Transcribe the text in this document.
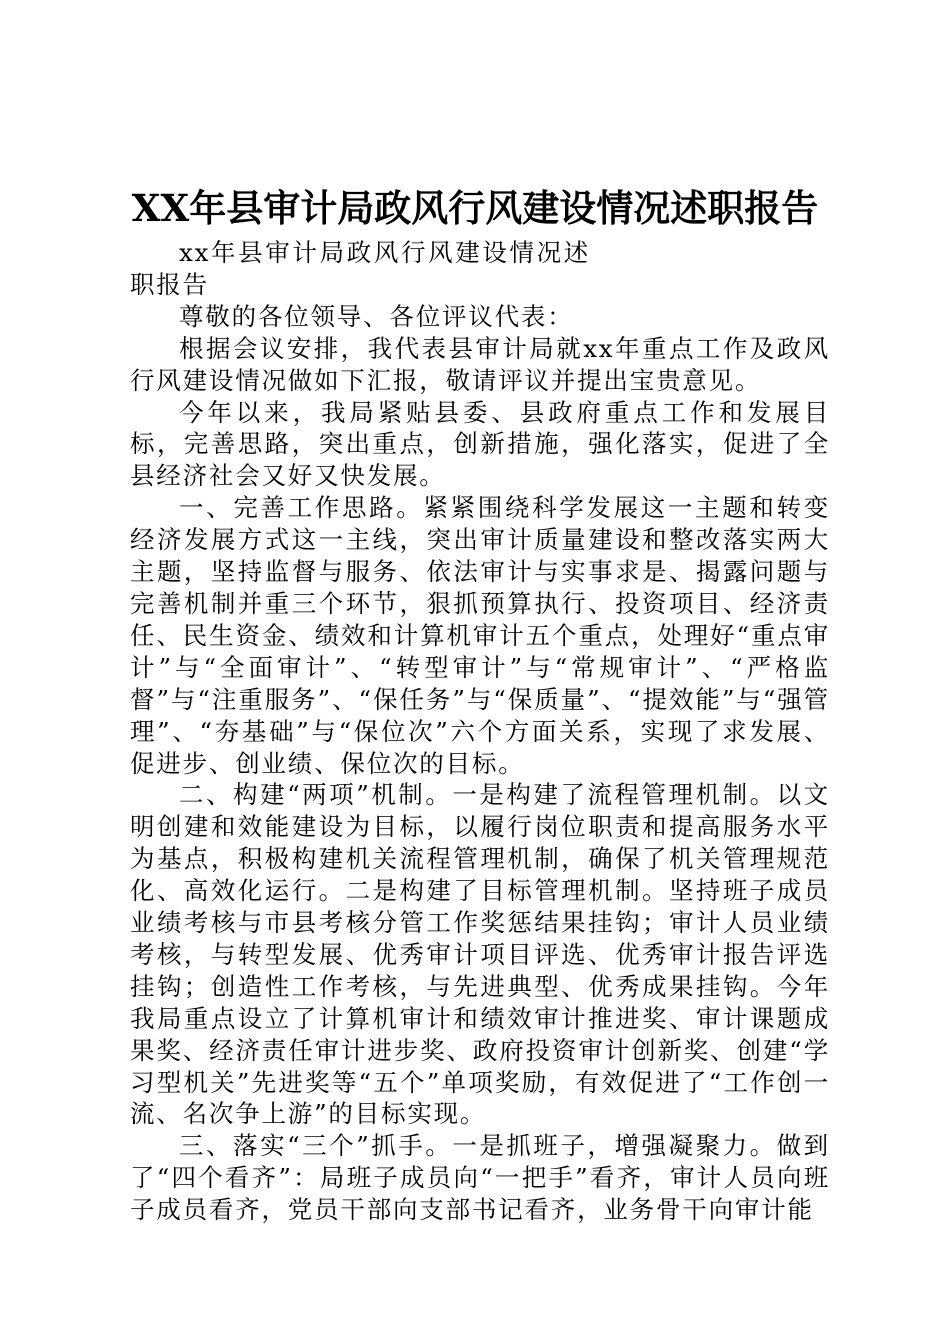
XX年县审计局政风行风建设情况述职报告

xx年县审计局政风行风建设情况述职报告

尊敬的各位领导、各位评议代表：

根据会议安排，我代表县审计局就xx年重点工作及政风行风建设情况做如下汇报，敬请评议并提出宝贵意见。

今年以来，我局紧贴县委、县政府重点工作和发展目标，完善思路，突出重点，创新措施，强化落实，促进了全县经济社会又好又快发展。

一、完善工作思路。紧紧围绕科学发展这一主题和转变经济发展方式这一主线，突出审计质量建设和整改落实两大主题，坚持监督与服务、依法审计与实事求是、揭露问题与完善机制并重三个环节，狠抓预算执行、投资项目、经济责任、民生资金、绩效和计算机审计五个重点，处理好“重点审计”与“全面审计”、“转型审计”与“常规审计”、“严格监督”与“注重服务”、“保任务”与“保质量”、“提效能”与“强管理”、“夯基础”与“保位次”六个方面关系，实现了求发展、促进步、创业绩、保位次的目标。

二、构建“两项”机制。一是构建了流程管理机制。以文明创建和效能建设为目标，以履行岗位职责和提高服务水平为基点，积极构建机关流程管理机制，确保了机关管理规范化、高效化运行。二是构建了目标管理机制。坚持班子成员业绩考核与市县考核分管工作奖惩结果挂钩；审计人员业绩考核，与转型发展、优秀审计项目评选、优秀审计报告评选挂钩；创造性工作考核，与先进典型、优秀成果挂钩。今年我局重点设立了计算机审计和绩效审计推进奖、审计课题成果奖、经济责任审计进步奖、政府投资审计创新奖、创建“学习型机关”先进奖等“五个”单项奖励，有效促进了“工作创一流、名次争上游”的目标实现。

三、落实“三个”抓手。一是抓班子，增强凝聚力。做到了“四个看齐”：局班子成员向“一把手”看齐，审计人员向班子成员看齐，党员干部向支部书记看齐，业务骨干向审计能
